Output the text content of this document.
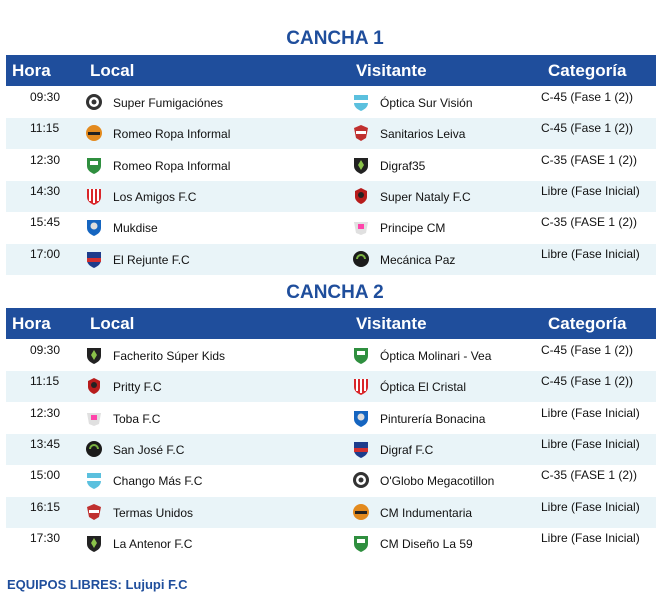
CANCHA 1
Hora Local	Visitante	Categoría
09:30	Super Fumigaciónes	Óptica Sur Visión	C-45 (Fase 1 (2))
11:15	Romeo Ropa Informal	Sanitarios Leiva	C-45 (Fase 1 (2))
12:30	Romeo Ropa Informal	Digraf35	C-35 (FASE 1 (2))
14:30	Los Amigos F.C	Super Nataly F.C	Libre (Fase Inicial)
15:45	Mukdise	Principe CM	C-35 (FASE 1 (2))
17:00	El Rejunte F.C	Mecánica Paz	Libre (Fase Inicial)
CANCHA 2
Hora Local	Visitante	Categoría
09:30	Facherito Súper Kids	Óptica Molinari - Vea	C-45 (Fase 1 (2))
11:15	Pritty F.C	Óptica El Cristal	C-45 (Fase 1 (2))
12:30	Toba F.C	Pinturería Bonacina	Libre (Fase Inicial)
13:45	San José F.C	Digraf F.C	Libre (Fase Inicial)
15:00	Chango Más F.C	O'Globo Megacotillon	C-35 (FASE 1 (2))
16:15	Termas Unidos	CM Indumentaria	Libre (Fase Inicial)
17:30	La Antenor F.C	CM Diseño La 59	Libre (Fase Inicial)
EQUIPOS LIBRES: Lujupi F.C
